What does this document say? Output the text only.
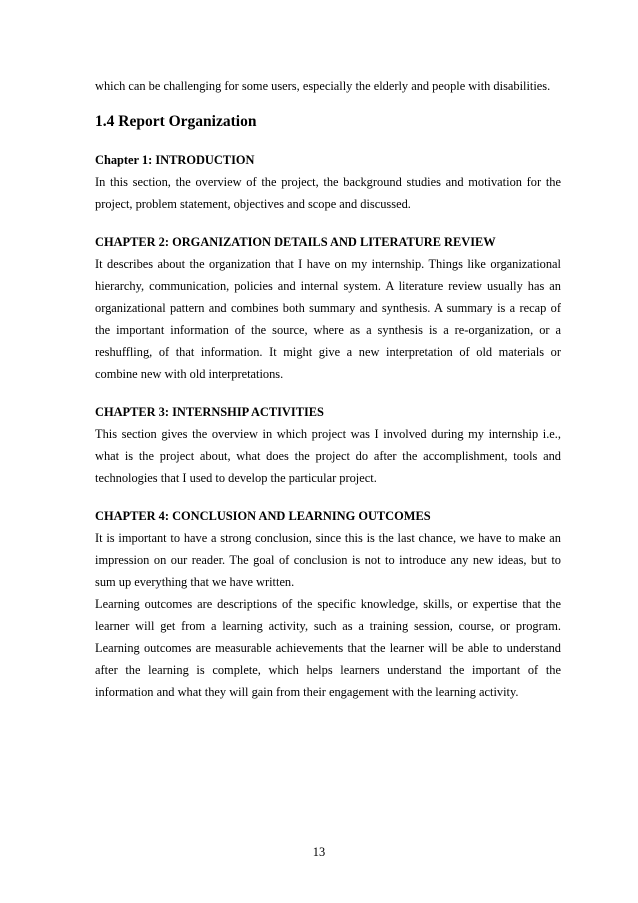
which can be challenging for some users, especially the elderly and people with disabilities.

1.4 Report Organization
Chapter 1: INTRODUCTION

In this section, the overview of the project, the background studies and motivation for the project, problem statement, objectives and scope and discussed.

CHAPTER 2: ORGANIZATION DETAILS AND LITERATURE REVIEW

It describes about the organization that I have on my internship. Things like organizational hierarchy, communication, policies and internal system. A literature review usually has an organizational pattern and combines both summary and synthesis. A summary is a recap of the important information of the source, where as a synthesis is a re-organization, or a reshuffling, of that information. It might give a new interpretation of old materials or combine new with old interpretations.

CHAPTER 3: INTERNSHIP ACTIVITIES

This section gives the overview in which project was I involved during my internship i.e., what is the project about, what does the project do after the accomplishment, tools and technologies that I used to develop the particular project.

CHAPTER 4: CONCLUSION AND LEARNING OUTCOMES

It is important to have a strong conclusion, since this is the last chance, we have to make an impression on our reader. The goal of conclusion is not to introduce any new ideas, but to sum up everything that we have written.

Learning outcomes are descriptions of the specific knowledge, skills, or expertise that the learner will get from a learning activity, such as a training session, course, or program. Learning outcomes are measurable achievements that the learner will be able to understand after the learning is complete, which helps learners understand the important of the information and what they will gain from their engagement with the learning activity.

13
